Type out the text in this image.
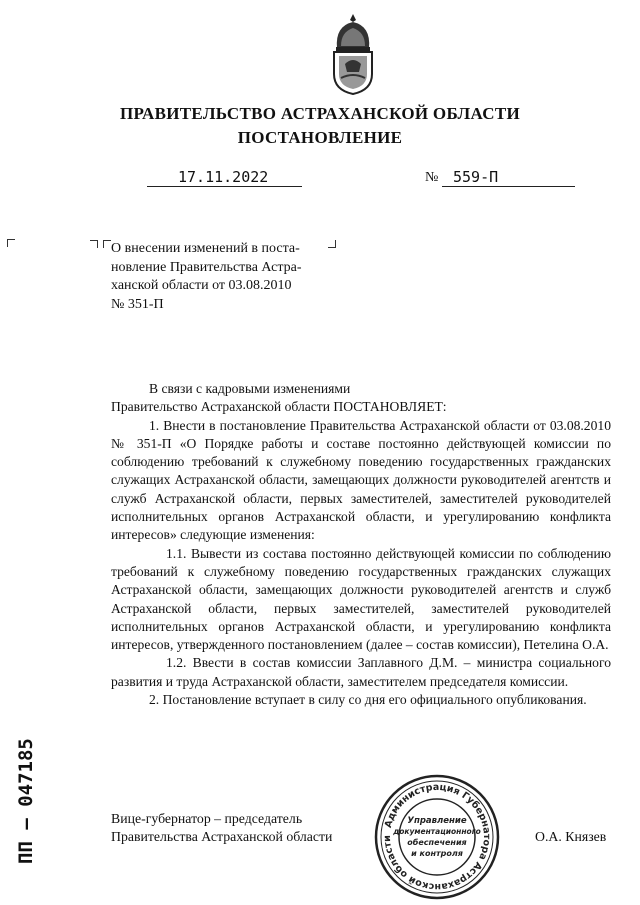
ПРАВИТЕЛЬСТВО АСТРАХАНСКОЙ ОБЛАСТИ
ПОСТАНОВЛЕНИЕ
17.11.2022	№ 559-П
О внесении изменений в поста-
новление Правительства Астра-
ханской области от 03.08.2010
№ 351-П

В связи с кадровыми изменениями

Правительство Астраханской области ПОСТАНОВЛЯЕТ:

1. Внести в постановление Правительства Астраханской области от 03.08.2010 № 351-П «О Порядке работы и составе постоянно действующей комиссии по соблюдению требований к служебному поведению государственных гражданских служащих Астраханской области, замещающих должности руководителей агентств и служб Астраханской области, первых заместителей, заместителей руководителей исполнительных органов Астраханской области, и урегулированию конфликта интересов» следующие изменения:

1.1. Вывести из состава постоянно действующей комиссии по соблюдению требований к служебному поведению государственных гражданских служащих Астраханской области, замещающих должности руководителей агентств и служб Астраханской области, первых заместителей, заместителей руководителей исполнительных органов Астраханской области, и урегулированию конфликта интересов, утвержденного постановлением (далее – состав комиссии), Петелина О.А.

1.2. Ввести в состав комиссии Заплавного Д.М. – министра социального развития и труда Астраханской области, заместителем председателя комиссии.

2. Постановление вступает в силу со дня его официального опубликования.

ПП – 047185	Вице-губернатор – председатель
Правительства Астраханской области	О.А. Князев
Администрация Губернатора Астраханской области
Управление
документационного
обеспечения
и контроля
